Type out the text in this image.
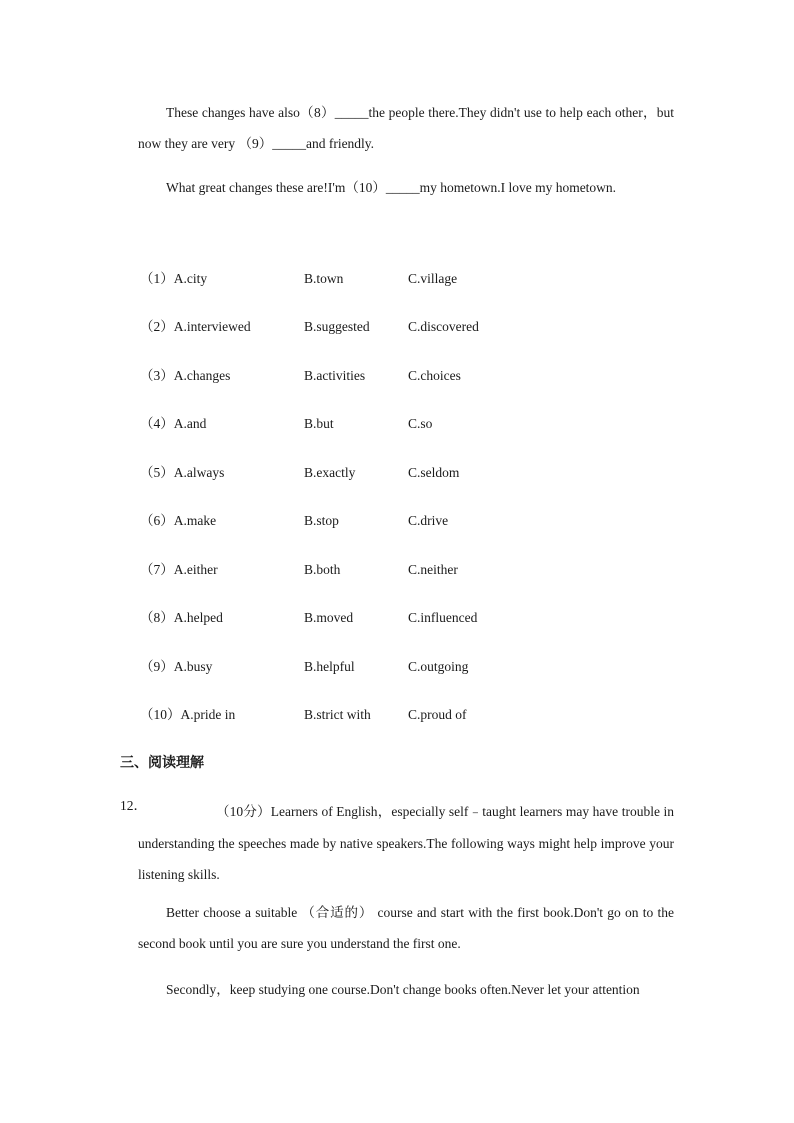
These changes have also（8）_____the people there.They didn't use to help each other，but now they are very （9）_____and friendly.

What great changes these are!I'm（10）_____my hometown.I love my hometown.

（1）A.city	B.town	C.village
（2）A.interviewed	B.suggested	C.discovered
（3）A.changes	B.activities	C.choices
（4）A.and	B.but	C.so
（5）A.always	B.exactly	C.seldom
（6）A.make	B.stop	C.drive
（7）A.either	B.both	C.neither
（8）A.helped	B.moved	C.influenced
（9）A.busy	B.helpful	C.outgoing
（10）A.pride in	B.strict with	C.proud of
三、阅读理解
12．	（10分）Learners of English，especially self﹣taught learners may have trouble in understanding the speeches made by native speakers.The following ways might help improve your listening skills.

Better choose a suitable （合适的） course and start with the first book.Don't go on to the second book until you are sure you understand the first one.

Secondly，keep studying one course.Don't change books often.Never let your attention
